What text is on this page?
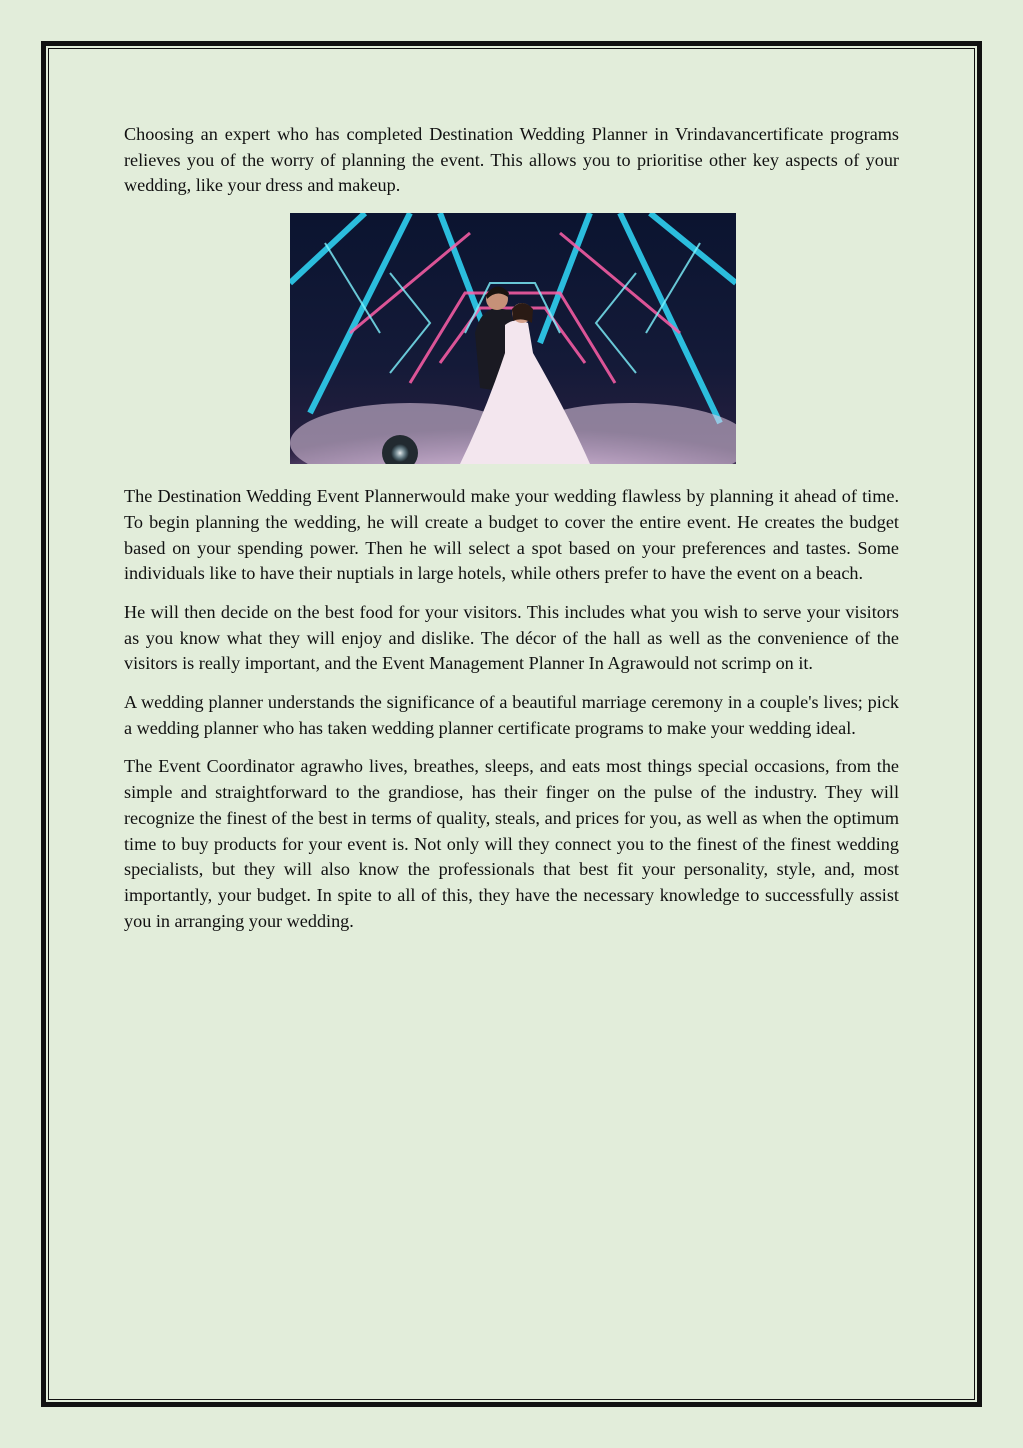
Choosing an expert who has completed Destination Wedding Planner in Vrindavancertificate programs relieves you of the worry of planning the event. This allows you to prioritise other key aspects of your wedding, like your dress and makeup.

The Destination Wedding Event Plannerwould make your wedding flawless by planning it ahead of time. To begin planning the wedding, he will create a budget to cover the entire event. He creates the budget based on your spending power. Then he will select a spot based on your preferences and tastes. Some individuals like to have their nuptials in large hotels, while others prefer to have the event on a beach.

He will then decide on the best food for your visitors. This includes what you wish to serve your visitors as you know what they will enjoy and dislike. The décor of the hall as well as the convenience of the visitors is really important, and the Event Management Planner In Agrawould not scrimp on it.

A wedding planner understands the significance of a beautiful marriage ceremony in a couple's lives; pick a wedding planner who has taken wedding planner certificate programs to make your wedding ideal.

The Event Coordinator agrawho lives, breathes, sleeps, and eats most things special occasions, from the simple and straightforward to the grandiose, has their finger on the pulse of the industry. They will recognize the finest of the best in terms of quality, steals, and prices for you, as well as when the optimum time to buy products for your event is. Not only will they connect you to the finest of the finest wedding specialists, but they will also know the professionals that best fit your personality, style, and, most importantly, your budget. In spite to all of this, they have the necessary knowledge to successfully assist you in arranging your wedding.
